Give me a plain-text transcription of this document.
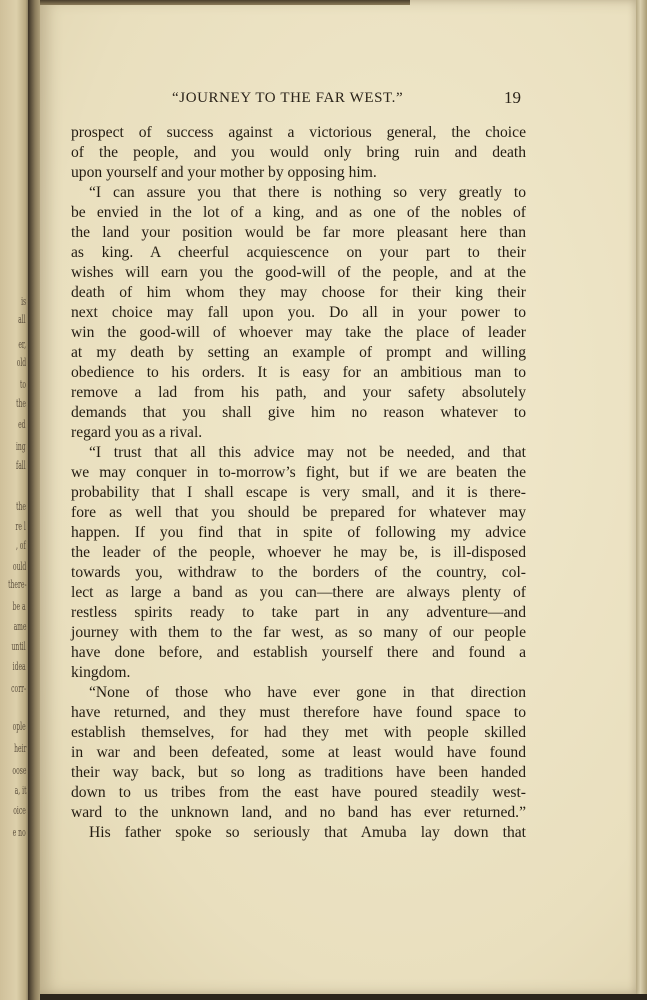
is
all
er,
old
to
the
ed
ing
fall
the
re l
, of
ould
there-
be a
ame
until
idea
corr-
ople
heir
oose
a, it
oice
e no
“JOURNEY TO THE FAR WEST.”	19
prospect of success against a victorious general, the choice
of the people, and you would only bring ruin and death
upon yourself and your mother by opposing him.
“I can assure you that there is nothing so very greatly to
be envied in the lot of a king, and as one of the nobles of
the land your position would be far more pleasant here than
as king. A cheerful acquiescence on your part to their
wishes will earn you the good-will of the people, and at the
death of him whom they may choose for their king their
next choice may fall upon you. Do all in your power to
win the good-will of whoever may take the place of leader
at my death by setting an example of prompt and willing
obedience to his orders. It is easy for an ambitious man to
remove a lad from his path, and your safety absolutely
demands that you shall give him no reason whatever to
regard you as a rival.
“I trust that all this advice may not be needed, and that
we may conquer in to-morrow’s fight, but if we are beaten the
probability that I shall escape is very small, and it is there-
fore as well that you should be prepared for whatever may
happen. If you find that in spite of following my advice
the leader of the people, whoever he may be, is ill-disposed
towards you, withdraw to the borders of the country, col-
lect as large a band as you can—there are always plenty of
restless spirits ready to take part in any adventure—and
journey with them to the far west, as so many of our people
have done before, and establish yourself there and found a
kingdom.
“None of those who have ever gone in that direction
have returned, and they must therefore have found space to
establish themselves, for had they met with people skilled
in war and been defeated, some at least would have found
their way back, but so long as traditions have been handed
down to us tribes from the east have poured steadily west-
ward to the unknown land, and no band has ever returned.”
His father spoke so seriously that Amuba lay down that
